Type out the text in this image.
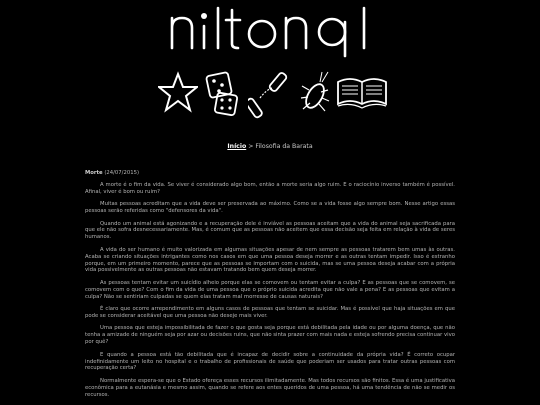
Início > Filosofia da Barata
Morte (24/07/2015)

A morte é o fim da vida. Se viver é considerado algo bom, então a morte seria algo ruim. E o raciocínio inverso também é possível. Afinal, viver é bom ou ruim?

Muitas pessoas acreditam que a vida deve ser preservada ao máximo. Como se a vida fosse algo sempre bom. Nesse artigo essas pessoas serão referidas como "defensores da vida".

Quando um animal está agonizando e a recuperação dele é inviável as pessoas aceitam que a vida do animal seja sacrificada para que ele não sofra desnecessariamente. Mas, é comum que as pessoas não aceitem que essa decisão seja feita em relação à vida de seres humanos.

A vida do ser humano é muito valorizada em algumas situações apesar de nem sempre as pessoas tratarem bem umas às outras. Acaba se criando situações intrigantes como nos casos em que uma pessoa deseja morrer e as outras tentam impedir. Isso é estranho porque, em um primeiro momento, parece que as pessoas se importam com o suicida, mas se uma pessoa deseja acabar com a própria vida possivelmente as outras pessoas não estavam tratando bem quem deseja morrer.

As pessoas tentam evitar um suicídio alheio porque elas se comovem ou tentam evitar a culpa? E as pessoas que se comovem, se comovem com o que? Com o fim da vida de uma pessoa que o próprio suicida acredita que não vale a pena? E as pessoas que evitam a culpa? Não se sentiriam culpadas se quem elas tratam mal morresse de causas naturais?

É claro que ocorre arrependimento em alguns casos de pessoas que tentam se suicidar. Mas é possível que haja situações em que pode se considerar aceitável que uma pessoa não deseje mais viver.

Uma pessoa que esteja impossibilitada de fazer o que gosta seja porque está debilitada pela idade ou por alguma doença, que não tenha a amizade de ninguém seja por azar ou decisões ruins, que não sinta prazer com mais nada e esteja sofrendo precisa continuar vivo por quê?

E quando a pessoa está tão debilitada que é incapaz de decidir sobre a continuidade da própria vida? É correto ocupar indefinidamente um leito no hospital e o trabalho de profissionais de saúde que poderiam ser usados para tratar outras pessoas com recuperação certa?

Normalmente espera-se que o Estado ofereça esses recursos ilimitadamente. Mas todos recursos são finitos. Essa é uma justificativa econômica para a eutanásia e mesmo assim, quando se refere aos entes queridos de uma pessoa, há uma tendência de não se medir os recursos.
